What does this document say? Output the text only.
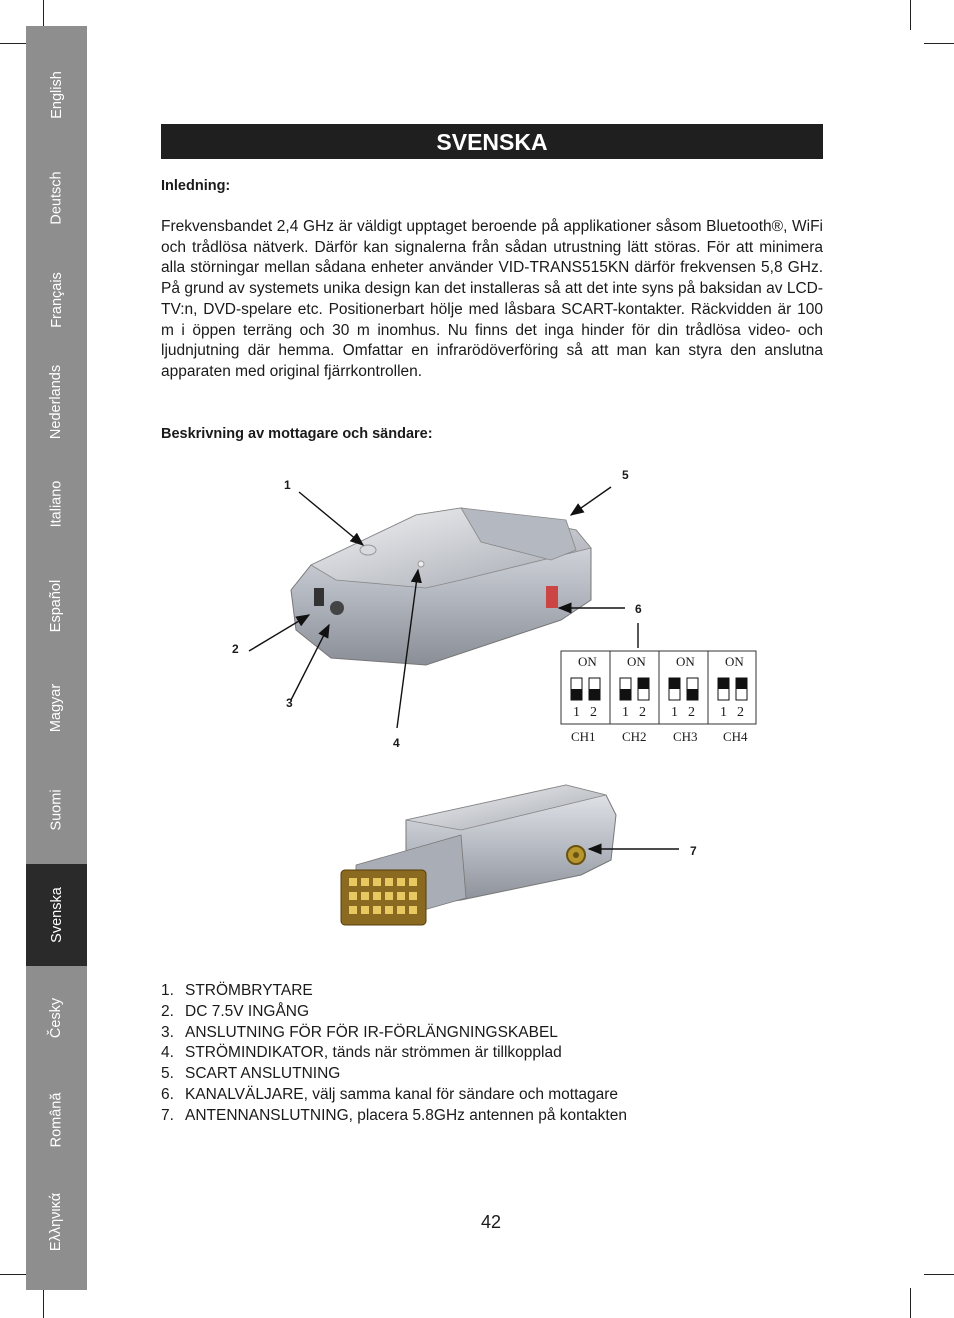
English
Deutsch
Français
Nederlands
Italiano
Español
Magyar
Suomi
Svenska
Česky
Română
Ελληνικά
SVENSKA
Inledning:
Frekvensbandet 2,4 GHz är väldigt upptaget beroende på applikationer såsom Bluetooth®, WiFi och trådlösa nätverk. Därför kan signalerna från sådan utrustning lätt störas. För att minimera alla störningar mellan sådana enheter använder VID-TRANS515KN därför frekvensen 5,8 GHz. På grund av systemets unika design kan det installeras så att det inte syns på baksidan av LCD-TV:n, DVD-spelare etc. Positionerbart hölje med låsbara SCART-kontakter. Räckvidden är 100 m i öppen terräng och 30 m inomhus. Nu finns det inga hinder för din trådlösa video- och ljudnjutning där hemma. Omfattar en infrarödöverföring så att man kan styra den anslutna apparaten med original fjärrkontrollen.
Beskrivning av mottagare och sändare:
1
2
3
4
5
6
7
ON ON ON ON
1 2 1 2 1 2 1 2
CH1 CH2 CH3 CH4
1. STRÖMBRYTARE
2. DC 7.5V INGÅNG
3. ANSLUTNING FÖR FÖR IR-FÖRLÄNGNINGSKABEL
4. STRÖMINDIKATOR, tänds när strömmen är tillkopplad
5. SCART ANSLUTNING
6. KANALVÄLJARE, välj samma kanal för sändare och mottagare
7. ANTENNANSLUTNING, placera 5.8GHz antennen på kontakten
42
